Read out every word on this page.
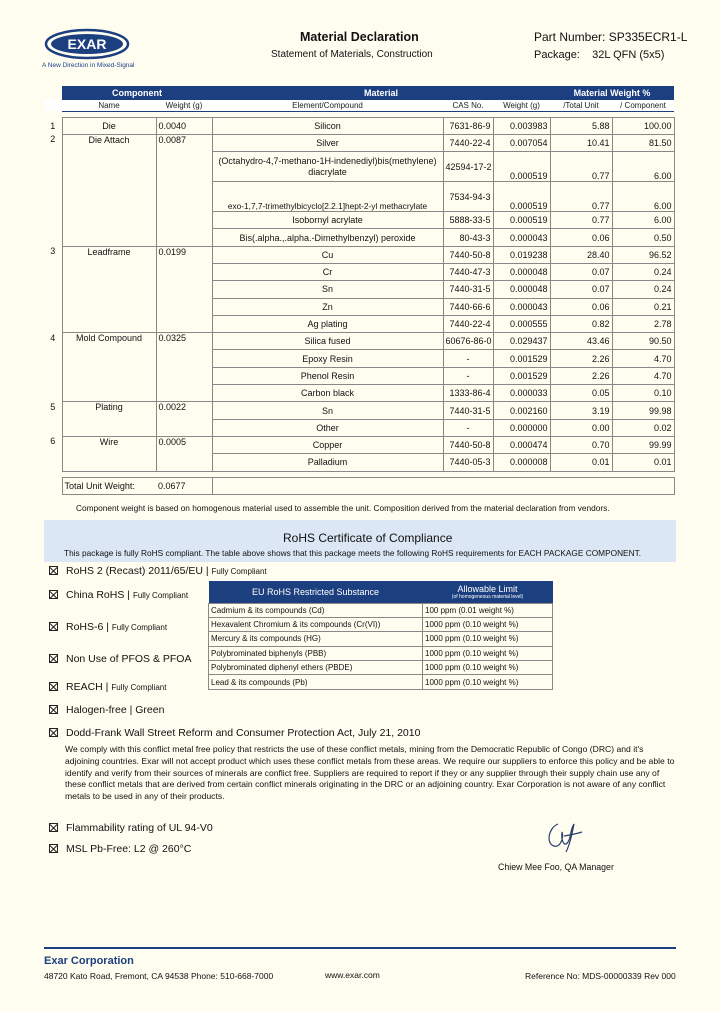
EXAR
A New Direction in Mixed-Signal
Material Declaration
Statement of Materials, Construction
Part Number: SP335ECR1-L
Package:    32L QFN (5x5)
	Component		Material			Material Weight %	
	Name	Weight (g)	Element/Compound	CAS No.	Weight (g)	/Total Unit	/ Component

1	Die	0.0040	Silicon	7631-86-9	0.003983	5.88	100.00
2	Die Attach	0.0087	Silver	7440-22-4	0.007054	10.41	81.50
			(Octahydro-4,7-methano-1H-indenediyl)bis(methylene) diacrylate	42594-17-2	0.000519	0.77	6.00
			exo-1,7,7-trimethylbicyclo[2.2.1]hept-2-yl methacrylate	7534-94-3	0.000519	0.77	6.00
			Isobornyl acrylate	5888-33-5	0.000519	0.77	6.00
			Bis(.alpha.,.alpha.-Dimethylbenzyl) peroxide	80-43-3	0.000043	0.06	0.50
3	Leadframe	0.0199	Cu	7440-50-8	0.019238	28.40	96.52
			Cr	7440-47-3	0.000048	0.07	0.24
			Sn	7440-31-5	0.000048	0.07	0.24
			Zn	7440-66-6	0.000043	0.06	0.21
			Ag plating	7440-22-4	0.000555	0.82	2.78
4	Mold Compound	0.0325	Silica fused	60676-86-0	0.029437	43.46	90.50
			Epoxy Resin	-	0.001529	2.26	4.70
			Phenol Resin	-	0.001529	2.26	4.70
			Carbon black	1333-86-4	0.000033	0.05	0.10
5	Plating	0.0022	Sn	7440-31-5	0.002160	3.19	99.98
			Other	-	0.000000	0.00	0.02
6	Wire	0.0005	Copper	7440-50-8	0.000474	0.70	99.99
			Palladium	7440-05-3	0.000008	0.01	0.01

	Total Unit Weight:	0.0677					
Component weight is based on homogenous material used to assemble the unit. Composition derived from the material declaration from vendors.
RoHS Certificate of Compliance
This package is fully RoHS compliant. The table above shows that this package meets the following RoHS requirements for EACH PACKAGE COMPONENT.
RoHS 2 (Recast) 2011/65/EU | Fully Compliant
China RoHS | Fully Compliant
RoHS-6 | Fully Compliant
Non Use of PFOS & PFOA
REACH | Fully Compliant
Halogen-free | Green
Dodd-Frank Wall Street Reform and Consumer Protection Act, July 21, 2010
EU RoHS Restricted Substance	Allowable Limit
(of homogeneous material level)

Cadmium & its compounds (Cd)	100 ppm (0.01 weight %)
Hexavalent Chromium & its compounds (Cr(VI))	1000 ppm (0.10 weight %)
Mercury & its compounds (HG)	1000 ppm (0.10 weight %)
Polybrominated biphenyls (PBB)	1000 ppm (0.10 weight %)
Polybrominated diphenyl ethers (PBDE)	1000 ppm (0.10 weight %)
Lead & its compounds (Pb)	1000 ppm (0.10 weight %)
We comply with this conflict metal free policy that restricts the use of these conflict metals, mining from the Democratic Republic of Congo (DRC) and it's adjoining countries. Exar will not accept product which uses these conflict metals from these areas. We require our suppliers to enforce this policy and be able to identify and verify from their sources of minerals are conflict free. Suppliers are required to report if they or any supplier through their supply chain use any of these conflict metals that are derived from certain conflict minerals originating in the DRC or an adjoining country. Exar Corporation is not aware of any conflict metals to be used in any of their products.
Flammability rating of UL 94-V0
MSL Pb-Free: L2 @ 260°C
Chiew Mee Foo, QA Manager
Exar Corporation
48720 Kato Road, Fremont, CA 94538 Phone: 510-668-7000	www.exar.com	Reference No: MDS-00000339 Rev 000
